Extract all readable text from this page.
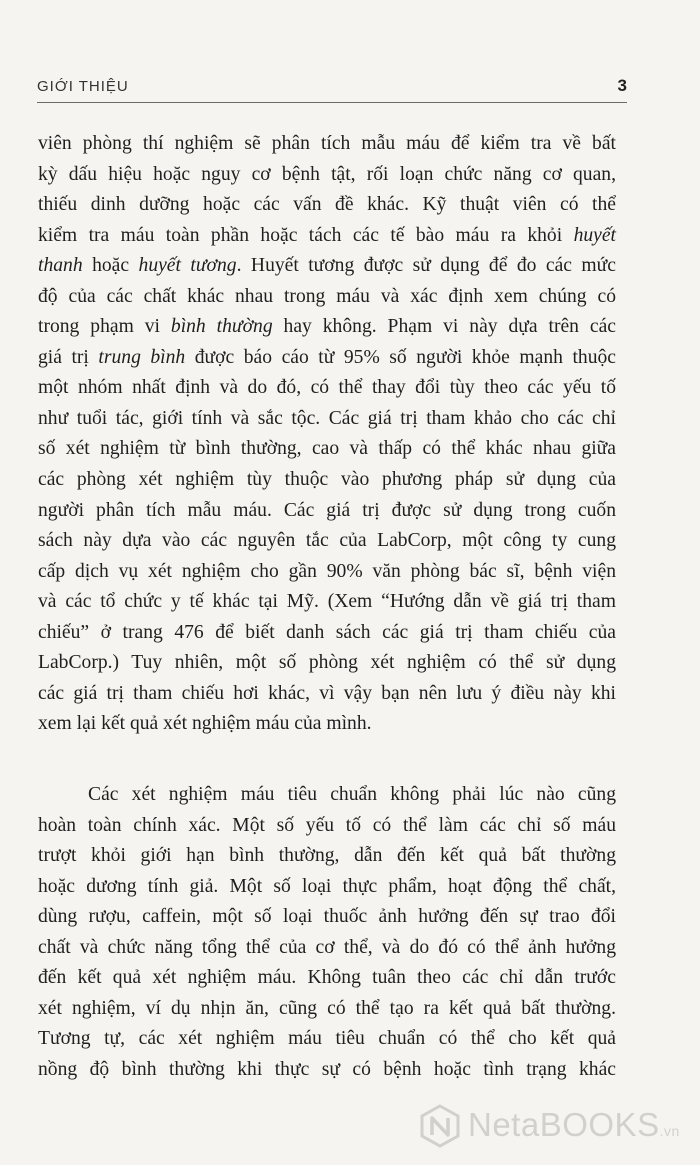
GIỚI THIỆU	3
viên phòng thí nghiệm sẽ phân tích mẫu máu để kiểm tra về bất
kỳ dấu hiệu hoặc nguy cơ bệnh tật, rối loạn chức năng cơ quan,
thiếu dinh dưỡng hoặc các vấn đề khác. Kỹ thuật viên có thể
kiểm tra máu toàn phần hoặc tách các tế bào máu ra khỏi huyết
thanh hoặc huyết tương. Huyết tương được sử dụng để đo các mức
độ của các chất khác nhau trong máu và xác định xem chúng có
trong phạm vi bình thường hay không. Phạm vi này dựa trên các
giá trị trung bình được báo cáo từ 95% số người khỏe mạnh thuộc
một nhóm nhất định và do đó, có thể thay đổi tùy theo các yếu tố
như tuổi tác, giới tính và sắc tộc. Các giá trị tham khảo cho các chỉ
số xét nghiệm từ bình thường, cao và thấp có thể khác nhau giữa
các phòng xét nghiệm tùy thuộc vào phương pháp sử dụng của
người phân tích mẫu máu. Các giá trị được sử dụng trong cuốn
sách này dựa vào các nguyên tắc của LabCorp, một công ty cung
cấp dịch vụ xét nghiệm cho gần 90% văn phòng bác sĩ, bệnh viện
và các tổ chức y tế khác tại Mỹ. (Xem “Hướng dẫn về giá trị tham
chiếu” ở trang 476 để biết danh sách các giá trị tham chiếu của
LabCorp.) Tuy nhiên, một số phòng xét nghiệm có thể sử dụng
các giá trị tham chiếu hơi khác, vì vậy bạn nên lưu ý điều này khi
xem lại kết quả xét nghiệm máu của mình.
Các xét nghiệm máu tiêu chuẩn không phải lúc nào cũng
hoàn toàn chính xác. Một số yếu tố có thể làm các chỉ số máu
trượt khỏi giới hạn bình thường, dẫn đến kết quả bất thường
hoặc dương tính giả. Một số loại thực phẩm, hoạt động thể chất,
dùng rượu, caffein, một số loại thuốc ảnh hưởng đến sự trao đổi
chất và chức năng tổng thể của cơ thể, và do đó có thể ảnh hưởng
đến kết quả xét nghiệm máu. Không tuân theo các chỉ dẫn trước
xét nghiệm, ví dụ nhịn ăn, cũng có thể tạo ra kết quả bất thường.
Tương tự, các xét nghiệm máu tiêu chuẩn có thể cho kết quả
nồng độ bình thường khi thực sự có bệnh hoặc tình trạng khác
NetaBOOKS.vn
